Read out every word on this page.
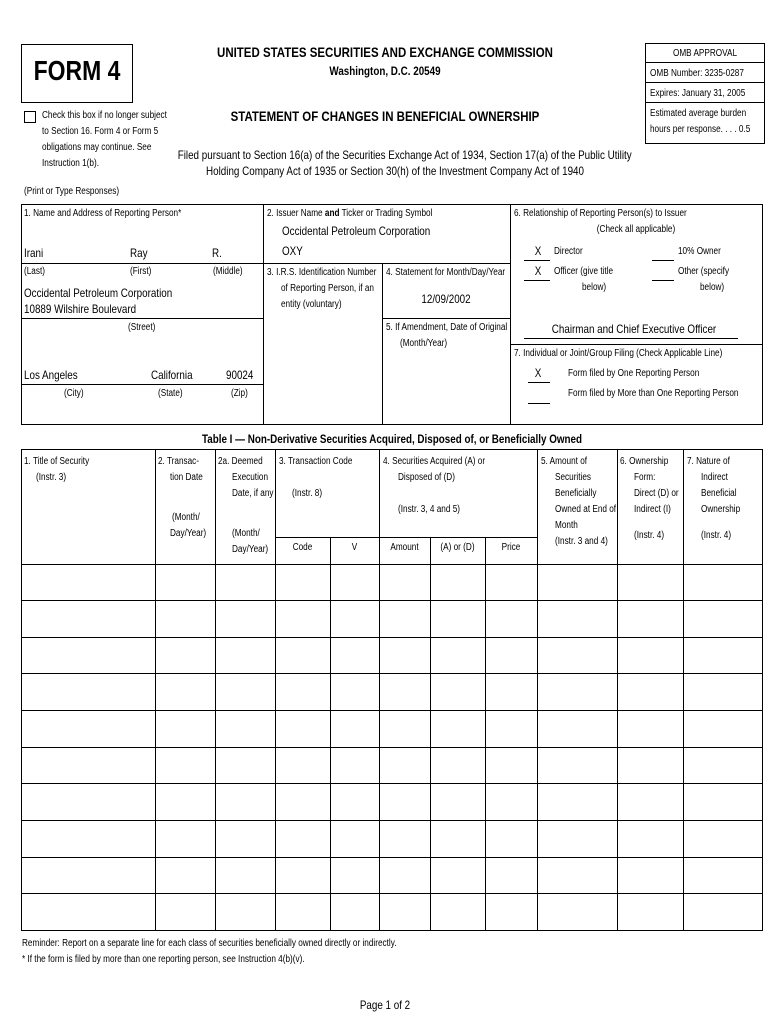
FORM 4
UNITED STATES SECURITIES AND EXCHANGE COMMISSION
Washington, D.C. 20549
STATEMENT OF CHANGES IN BENEFICIAL OWNERSHIP
Filed pursuant to Section 16(a) of the Securities Exchange Act of 1934, Section 17(a) of the Public Utility
Holding Company Act of 1935 or Section 30(h) of the Investment Company Act of 1940
OMB APPROVAL
OMB Number: 3235-0287
Expires: January 31, 2005
Estimated average burden
hours per response. . . . 0.5
Check this box if no longer subject
to Section 16. Form 4 or Form 5
obligations may continue. See
Instruction 1(b).
(Print or Type Responses)
1. Name and Address of Reporting Person*
Irani	Ray	R.
(Last)	(First)	(Middle)
Occidental Petroleum Corporation
10889 Wilshire Boulevard
(Street)
Los Angeles	California	90024
(City)	(State)	(Zip)
2. Issuer Name and Ticker or Trading Symbol
Occidental Petroleum Corporation
OXY
3. I.R.S. Identification Number
of Reporting Person, if an
entity (voluntary)
4. Statement for Month/Day/Year
12/09/2002
5. If Amendment, Date of Original
(Month/Year)
6. Relationship of Reporting Person(s) to Issuer
(Check all applicable)
X	Director	10% Owner
X	Officer (give title
below)
Other (specify
below)
Chairman and Chief Executive Officer
7. Individual or Joint/Group Filing (Check Applicable Line)
X	Form filed by One Reporting Person
Form filed by More than One Reporting Person
Table I — Non-Derivative Securities Acquired, Disposed of, or Beneficially Owned
1. Title of Security
(Instr. 3)
2. Transac-
tion Date
(Month/
Day/Year)
2a. Deemed
Execution
Date, if any
(Month/
Day/Year)
3. Transaction Code
(Instr. 8)
Code	V
4. Securities Acquired (A) or
Disposed of (D)
(Instr. 3, 4 and 5)
Amount	(A) or (D)	Price
5. Amount of
Securities
Beneficially
Owned at End of
Month
(Instr. 3 and 4)
6. Ownership
Form:
Direct (D) or
Indirect (I)
(Instr. 4)
7. Nature of
Indirect
Beneficial
Ownership
(Instr. 4)
Reminder: Report on a separate line for each class of securities beneficially owned directly or indirectly.
* If the form is filed by more than one reporting person, see Instruction 4(b)(v).
Page 1 of 2
